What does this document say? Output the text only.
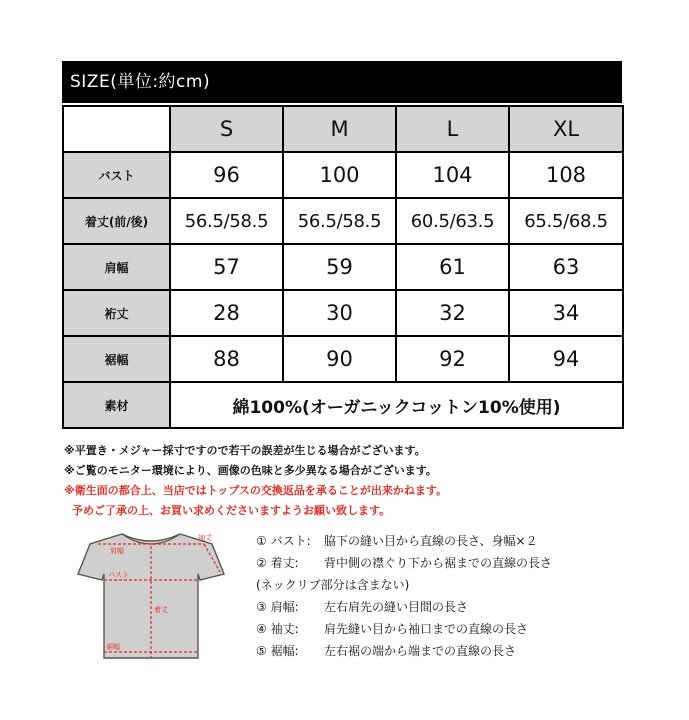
SIZE(単位:約cm)
	S	M	L	XL
バスト	96	100	104	108
着丈(前/後)	56.5/58.5	56.5/58.5	60.5/63.5	65.5/68.5
肩幅	57	59	61	63
裄丈	28	30	32	34
裾幅	88	90	92	94
素材	綿100%(オーガニックコットン10%使用)			
※平置き・メジャー採寸ですので若干の誤差が生じる場合がございます。
※ご覧のモニター環境により、画像の色味と多少異なる場合がございます。
※衛生面の都合上、当店ではトップスの交換返品を承ることが出来かねます。
予めご了承の上、お買い求めくださいますようお願い致します。
肩幅
袖丈
バスト
着丈
裾幅
① バスト:	脇下の縫い目から直線の長さ、身幅×２
② 着丈:	背中側の襟ぐり下から裾までの直線の長さ
(ネックリブ部分は含まない)
③ 肩幅:	左右肩先の縫い目間の長さ
④ 袖丈:	肩先縫い目から袖口までの直線の長さ
⑤ 裾幅:	左右裾の端から端までの直線の長さ
